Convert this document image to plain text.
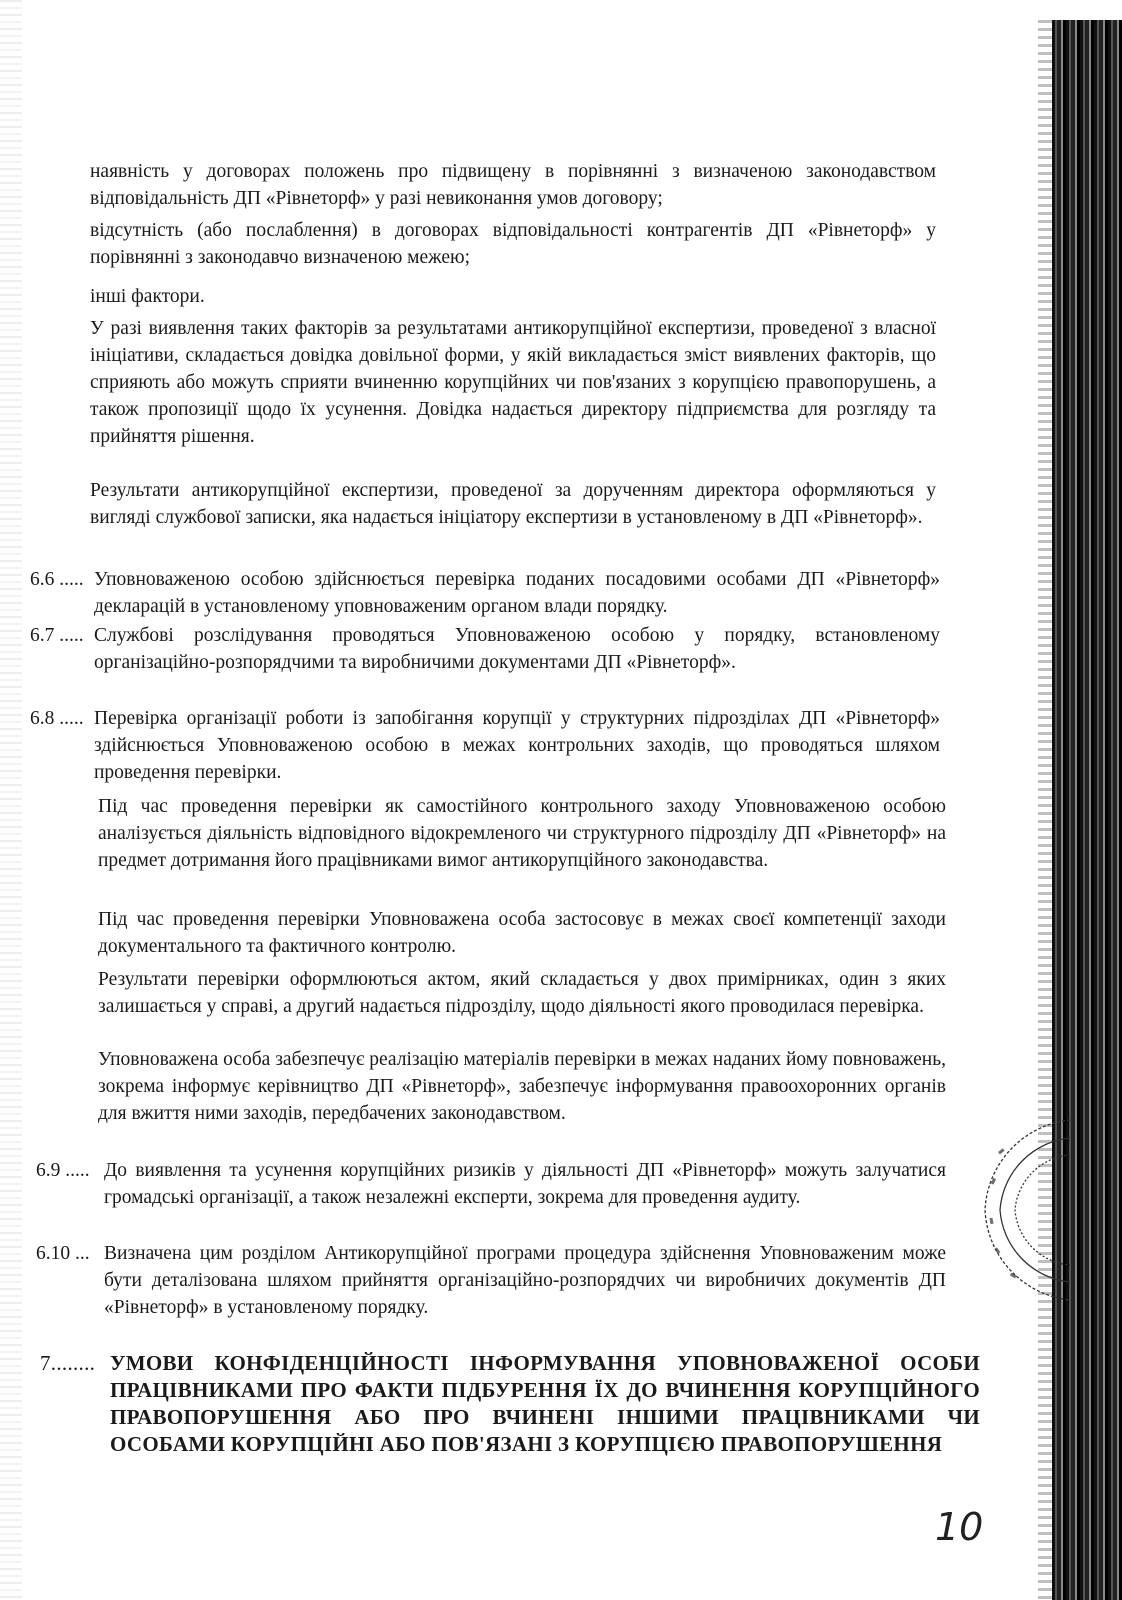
наявність у договорах положень про підвищену в порівнянні з визначеною законодавством відповідальність ДП «Рівнеторф» у разі невиконання умов договору;
відсутність (або послаблення) в договорах відповідальності контрагентів ДП «Рівнеторф» у порівнянні з законодавчо визначеною межею;
інші фактори.
У разі виявлення таких факторів за результатами антикорупційної експертизи, проведеної з власної ініціативи, складається довідка довільної форми, у якій викладається зміст виявлених факторів, що сприяють або можуть сприяти вчиненню корупційних чи пов'язаних з корупцією правопорушень, а також пропозиції щодо їх усунення. Довідка надається директору підприємства для розгляду та прийняття рішення.
Результати антикорупційної експертизи, проведеної за дорученням директора оформляються у вигляді службової записки, яка надається ініціатору експертизи в установленому в ДП «Рівнеторф».
6.6 ..... Уповноваженою особою здійснюється перевірка поданих посадовими особами ДП «Рівнеторф» декларацій в установленому уповноваженим органом влади порядку.
6.7 ..... Службові розслідування проводяться Уповноваженою особою у порядку, встановленому організаційно-розпорядчими та виробничими документами ДП «Рівнеторф».
6.8 ..... Перевірка організації роботи із запобігання корупції у структурних підрозділах ДП «Рівнеторф» здійснюється Уповноваженою особою в межах контрольних заходів, що проводяться шляхом проведення перевірки.
Під час проведення перевірки як самостійного контрольного заходу Уповноваженою особою аналізується діяльність відповідного відокремленого чи структурного підрозділу ДП «Рівнеторф» на предмет дотримання його працівниками вимог антикорупційного законодавства.
Під час проведення перевірки Уповноважена особа застосовує в межах своєї компетенції заходи документального та фактичного контролю.
Результати перевірки оформлюються актом, який складається у двох примірниках, один з яких залишається у справі, а другий надається підрозділу, щодо діяльності якого проводилася перевірка.
Уповноважена особа забезпечує реалізацію матеріалів перевірки в межах наданих йому повноважень, зокрема інформує керівництво ДП «Рівнеторф», забезпечує інформування правоохоронних органів для вжиття ними заходів, передбачених законодавством.
6.9 ..... До виявлення та усунення корупційних ризиків у діяльності ДП «Рівнеторф» можуть залучатися громадські організації, а також незалежні експерти, зокрема для проведення аудиту.
6.10 ... Визначена цим розділом Антикорупційної програми процедура здійснення Уповноваженим може бути деталізована шляхом прийняття організаційно-розпорядчих чи виробничих документів ДП «Рівнеторф» в установленому порядку.
7........ УМОВИ КОНФІДЕНЦІЙНОСТІ ІНФОРМУВАННЯ УПОВНОВАЖЕНОЇ ОСОБИ ПРАЦІВНИКАМИ ПРО ФАКТИ ПІДБУРЕННЯ ЇХ ДО ВЧИНЕННЯ КОРУПЦІЙНОГО ПРАВОПОРУШЕННЯ АБО ПРО ВЧИНЕНІ ІНШИМИ ПРАЦІВНИКАМИ ЧИ ОСОБАМИ КОРУПЦІЙНІ АБО ПОВ'ЯЗАНІ З КОРУПЦІЄЮ ПРАВОПОРУШЕННЯ
10
